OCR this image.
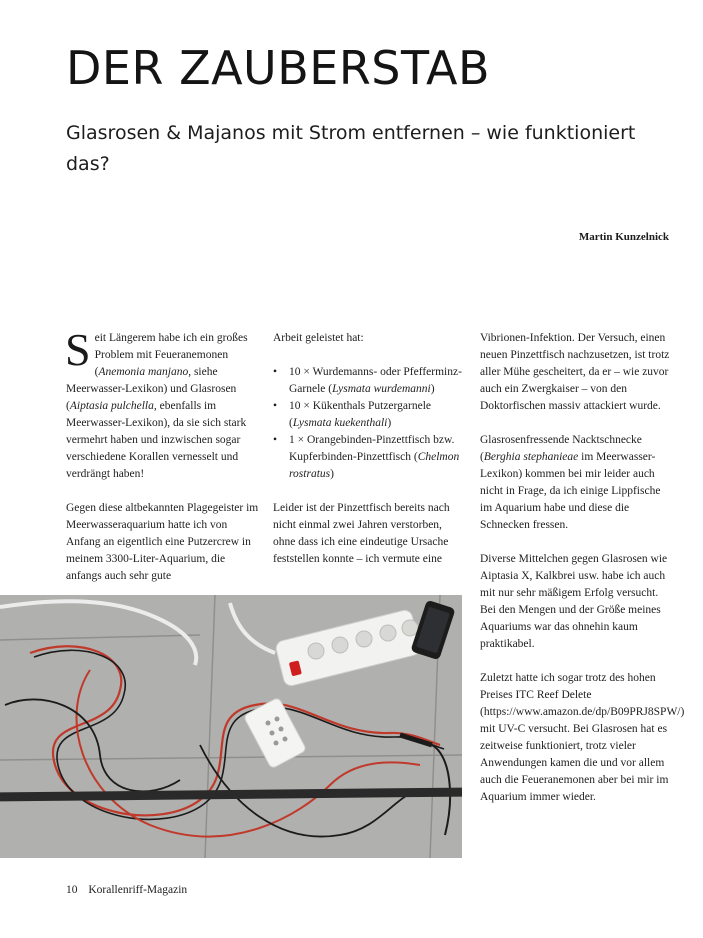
DER ZAUBERSTAB
Glasrosen & Majanos mit Strom entfernen – wie funktioniert das?
Martin Kunzelnick

Seit Längerem habe ich ein großes Problem mit Feueranemonen (Anemonia manjano, siehe Meerwasser-Lexikon) und Glasrosen (Aiptasia pulchella, ebenfalls im Meerwasser-Lexikon), da sie sich stark vermehrt haben und inzwischen sogar verschiedene Korallen vernesselt und verdrängt haben!

Gegen diese altbekannten Plagegeister im Meerwasseraquarium hatte ich von Anfang an eigentlich eine Putzercrew in meinem 3300-Liter-Aquarium, die anfangs auch sehr gute

Arbeit geleistet hat:

• 10 × Wurdemanns- oder Pfefferminz-Garnele (Lysmata wurdemanni)
• 10 × Kükenthals Putzergarnele (Lysmata kuekenthali)
• 1 × Orangebinden-Pinzettfisch bzw. Kupferbinden-Pinzettfisch (Chelmon rostratus)

Leider ist der Pinzettfisch bereits nach nicht einmal zwei Jahren verstorben, ohne dass ich eine eindeutige Ursache feststellen konnte – ich vermute eine

Vibrionen-Infektion. Der Versuch, einen neuen Pinzettfisch nachzusetzen, ist trotz aller Mühe gescheitert, da er – wie zuvor auch ein Zwergkaiser – von den Doktorfischen massiv attackiert wurde.

Glasrosenfressende Nacktschnecke (Berghia stephanieae im Meerwasser-Lexikon) kommen bei mir leider auch nicht in Frage, da ich einige Lippfische im Aquarium habe und diese die Schnecken fressen.

Diverse Mittelchen gegen Glasrosen wie Aiptasia X, Kalkbrei usw. habe ich auch mit nur sehr mäßigem Erfolg versucht. Bei den Mengen und der Größe meines Aquariums war das ohnehin kaum praktikabel.

Zuletzt hatte ich sogar trotz des hohen Preises ITC Reef Delete (https://www.amazon.de/dp/B09PRJ8SPW/) mit UV-C versucht. Bei Glasrosen hat es zeitweise funktioniert, trotz vieler Anwendungen kamen die und vor allem auch die Feueranemonen aber bei mir im Aquarium immer wieder.

10 Korallenriff-Magazin
